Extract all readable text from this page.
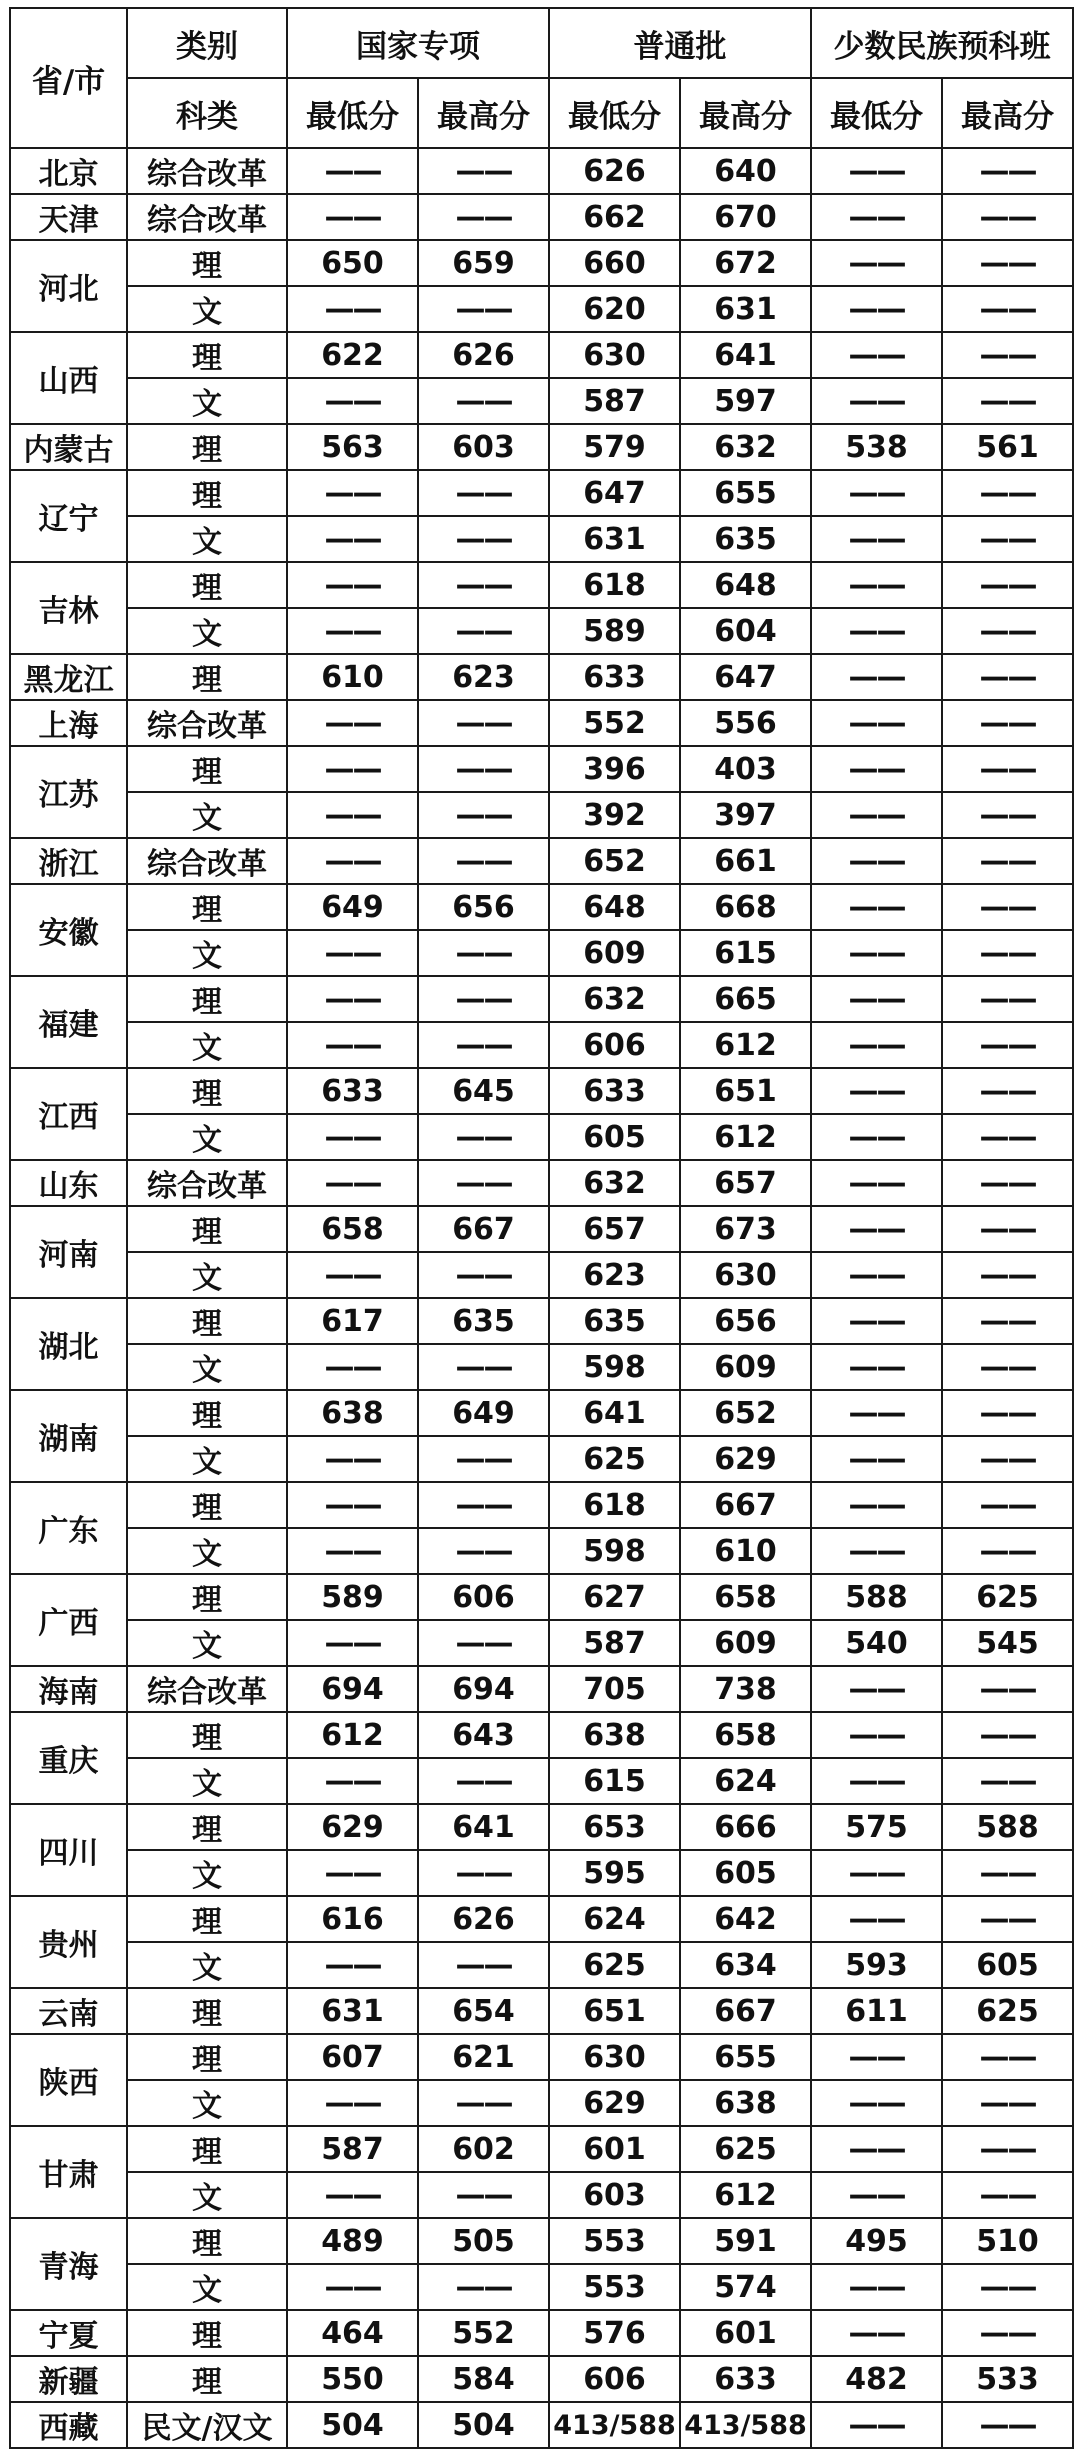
省/市	类别	国家专项		普通批		少数民族预科班	
	科类	最低分	最高分	最低分	最高分	最低分	最高分
北京	综合改革	——	——	626	640	——	——
天津	综合改革	——	——	662	670	——	——
河北	理	650	659	660	672	——	——
	文	——	——	620	631	——	——
山西	理	622	626	630	641	——	——
	文	——	——	587	597	——	——
内蒙古	理	563	603	579	632	538	561
辽宁	理	——	——	647	655	——	——
	文	——	——	631	635	——	——
吉林	理	——	——	618	648	——	——
	文	——	——	589	604	——	——
黑龙江	理	610	623	633	647	——	——
上海	综合改革	——	——	552	556	——	——
江苏	理	——	——	396	403	——	——
	文	——	——	392	397	——	——
浙江	综合改革	——	——	652	661	——	——
安徽	理	649	656	648	668	——	——
	文	——	——	609	615	——	——
福建	理	——	——	632	665	——	——
	文	——	——	606	612	——	——
江西	理	633	645	633	651	——	——
	文	——	——	605	612	——	——
山东	综合改革	——	——	632	657	——	——
河南	理	658	667	657	673	——	——
	文	——	——	623	630	——	——
湖北	理	617	635	635	656	——	——
	文	——	——	598	609	——	——
湖南	理	638	649	641	652	——	——
	文	——	——	625	629	——	——
广东	理	——	——	618	667	——	——
	文	——	——	598	610	——	——
广西	理	589	606	627	658	588	625
	文	——	——	587	609	540	545
海南	综合改革	694	694	705	738	——	——
重庆	理	612	643	638	658	——	——
	文	——	——	615	624	——	——
四川	理	629	641	653	666	575	588
	文	——	——	595	605	——	——
贵州	理	616	626	624	642	——	——
	文	——	——	625	634	593	605
云南	理	631	654	651	667	611	625
陕西	理	607	621	630	655	——	——
	文	——	——	629	638	——	——
甘肃	理	587	602	601	625	——	——
	文	——	——	603	612	——	——
青海	理	489	505	553	591	495	510
	文	——	——	553	574	——	——
宁夏	理	464	552	576	601	——	——
新疆	理	550	584	606	633	482	533
西藏	民文/汉文	504	504	413/588	413/588	——	——
